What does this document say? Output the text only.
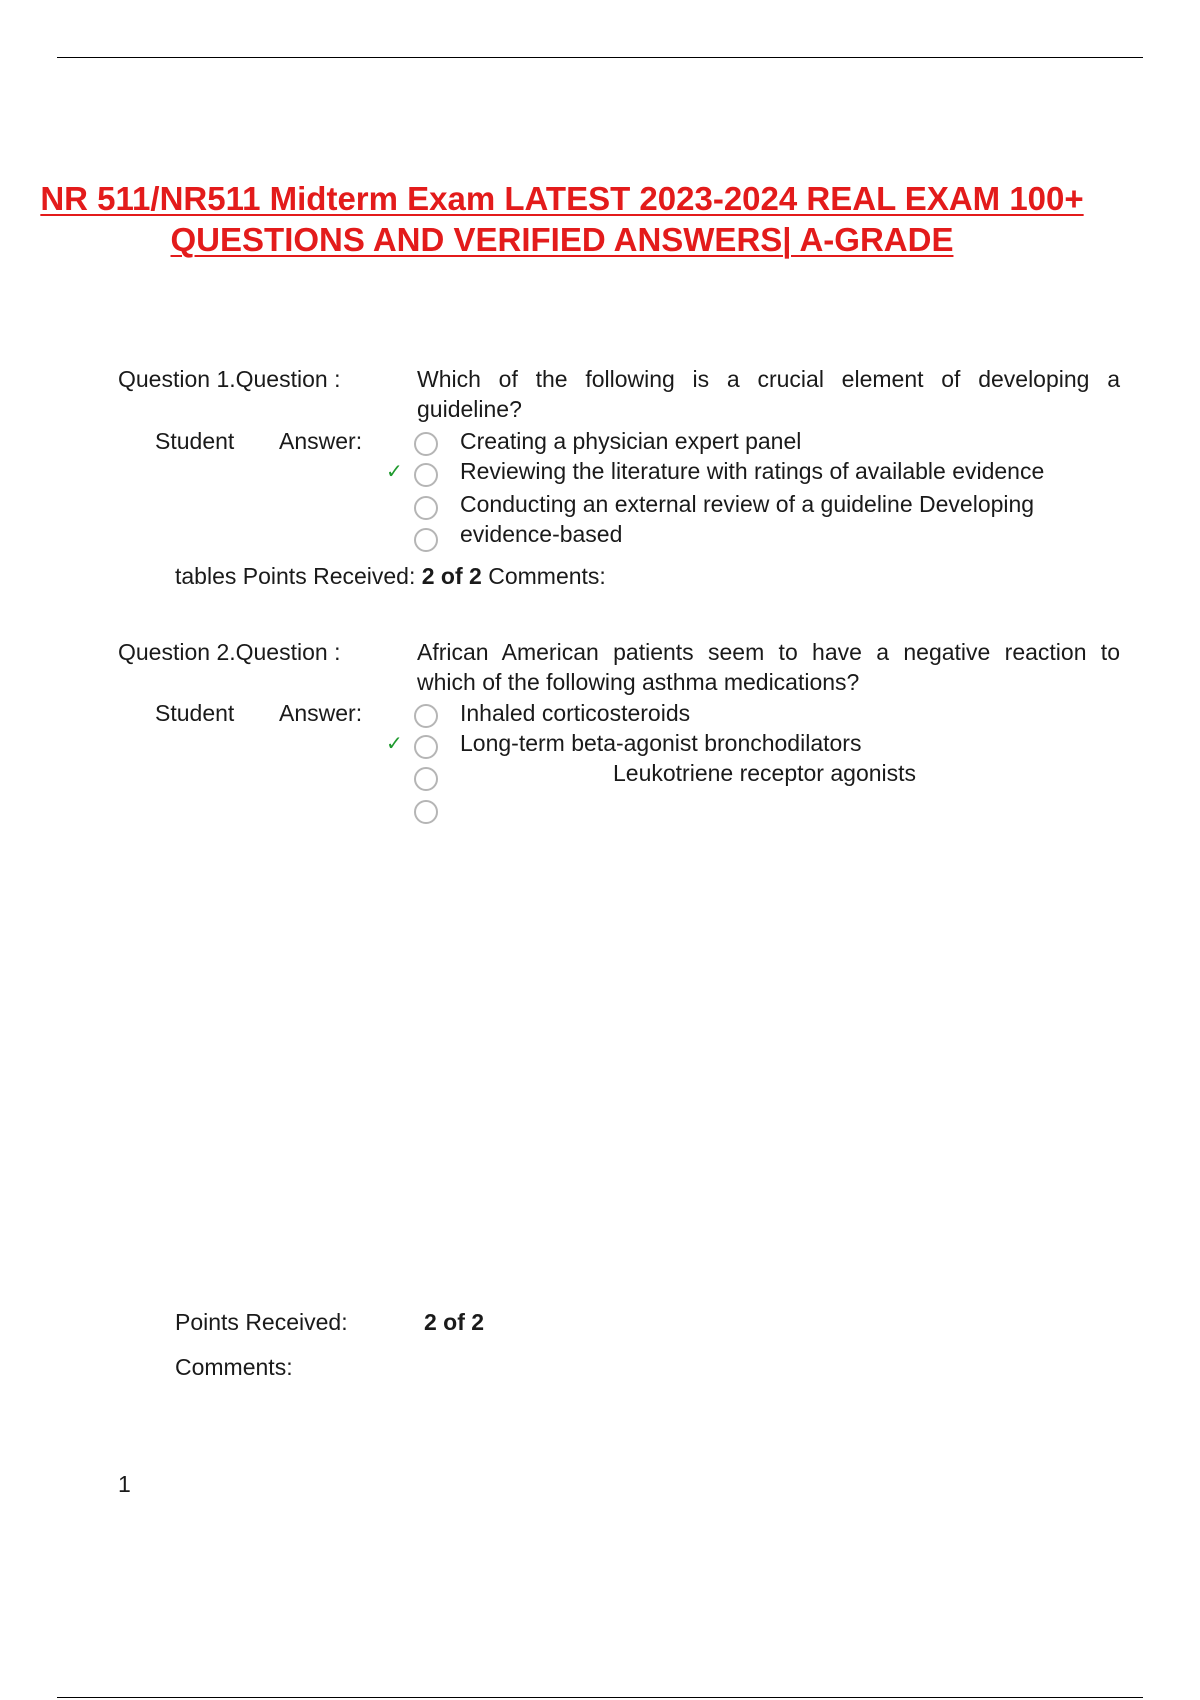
NR 511/NR511 Midterm Exam LATEST 2023-2024 REAL EXAM 100+
QUESTIONS AND VERIFIED ANSWERS| A-GRADE
Question 1.Question :	Which of the following is a crucial element of developing a
guideline?
Student Answer:	Creating a physician expert panel
✓ Reviewing the literature with ratings of available evidence
Conducting an external review of a guideline Developing
evidence-based
tables Points Received: 2 of 2 Comments:
Question 2.Question :	African American patients seem to have a negative reaction to
which of the following asthma medications?
Student Answer:	Inhaled corticosteroids
✓ Long-term beta-agonist bronchodilators
Leukotriene receptor agonists
Points Received:	2 of 2
Comments:
1
